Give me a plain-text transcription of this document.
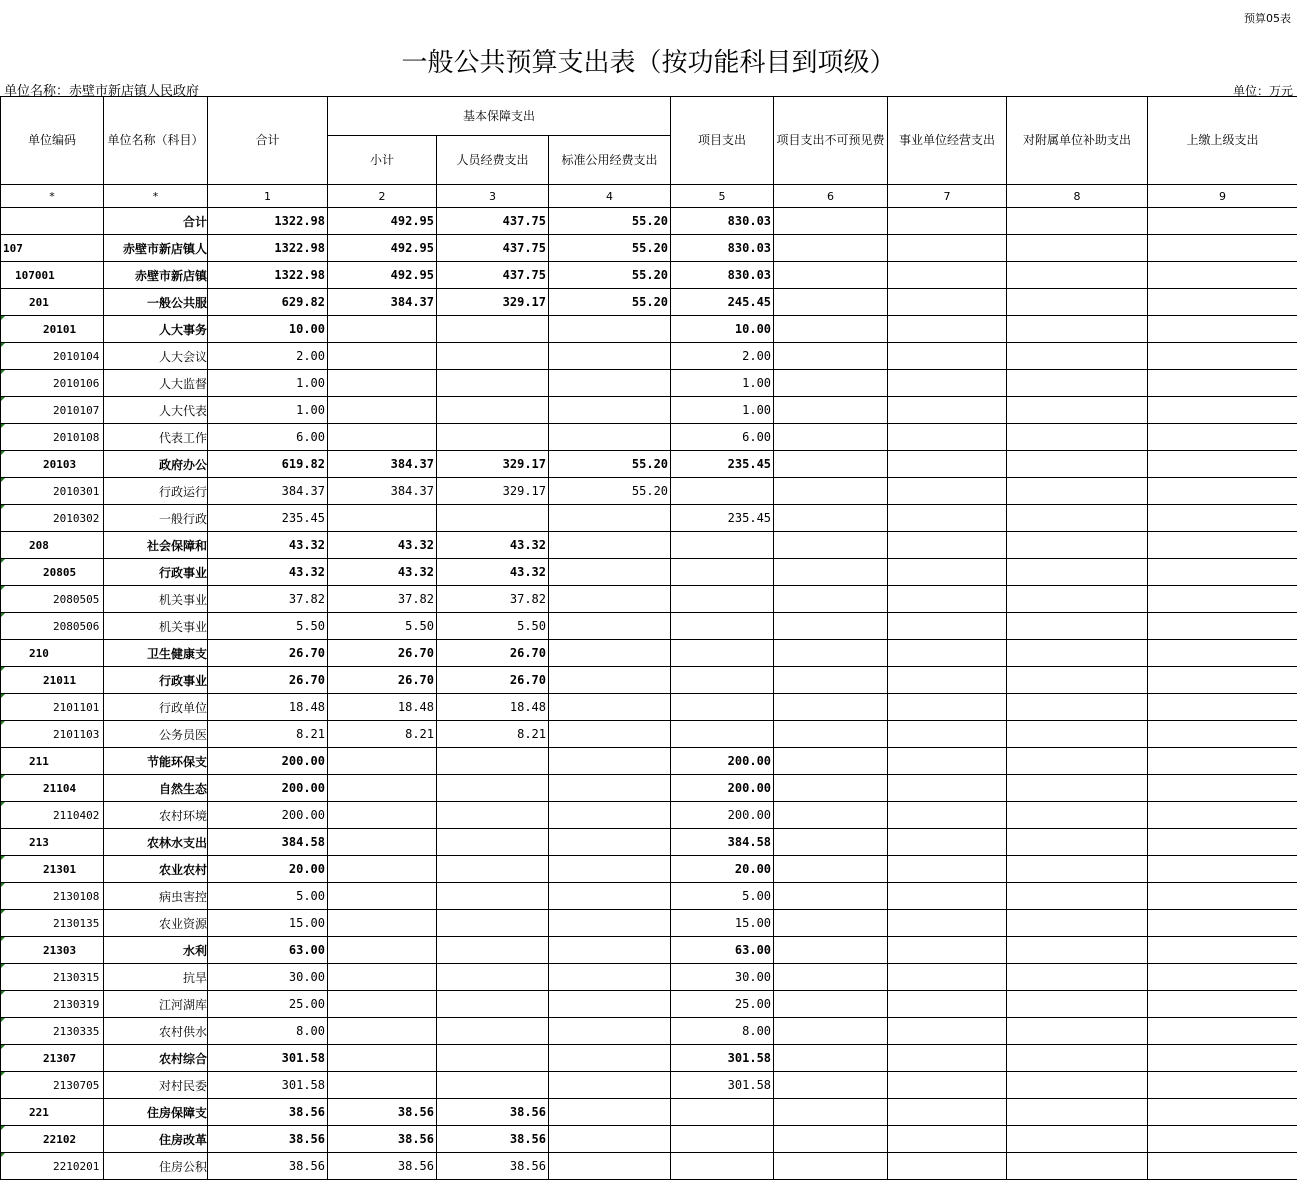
预算05表
一般公共预算支出表（按功能科目到项级）
单位名称：赤壁市新店镇人民政府	单位：万元
单位编码	单位名称（科目）	合计	基本保障支出			项目支出	项目支出不可预见费	事业单位经营支出	对附属单位补助支出	上缴上级支出
			小计	人员经费支出	标准公用经费支出					
*	*	1	2	3	4	5	6	7	8	9
	合计	1322.98	492.95	437.75	55.20	830.03				
107	赤壁市新店镇人	1322.98	492.95	437.75	55.20	830.03				
107001	赤壁市新店镇	1322.98	492.95	437.75	55.20	830.03				
201	一般公共服	629.82	384.37	329.17	55.20	245.45				

20101	人大事务	10.00				10.00				

2010104	人大会议	2.00				2.00				

2010106	人大监督	1.00				1.00				

2010107	人大代表	1.00				1.00				

2010108	代表工作	6.00				6.00				

20103	政府办公	619.82	384.37	329.17	55.20	235.45				

2010301	行政运行	384.37	384.37	329.17	55.20					

2010302	一般行政	235.45				235.45				
208	社会保障和	43.32	43.32	43.32						

20805	行政事业	43.32	43.32	43.32						

2080505	机关事业	37.82	37.82	37.82						

2080506	机关事业	5.50	5.50	5.50						
210	卫生健康支	26.70	26.70	26.70						

21011	行政事业	26.70	26.70	26.70						

2101101	行政单位	18.48	18.48	18.48						

2101103	公务员医	8.21	8.21	8.21						
211	节能环保支	200.00				200.00				

21104	自然生态	200.00				200.00				

2110402	农村环境	200.00				200.00				
213	农林水支出	384.58				384.58				

21301	农业农村	20.00				20.00				

2130108	病虫害控	5.00				5.00				

2130135	农业资源	15.00				15.00				

21303	水利	63.00				63.00				

2130315	抗旱	30.00				30.00				

2130319	江河湖库	25.00				25.00				

2130335	农村供水	8.00				8.00				

21307	农村综合	301.58				301.58				

2130705	对村民委	301.58				301.58				
221	住房保障支	38.56	38.56	38.56						

22102	住房改革	38.56	38.56	38.56						

2210201	住房公积	38.56	38.56	38.56						
